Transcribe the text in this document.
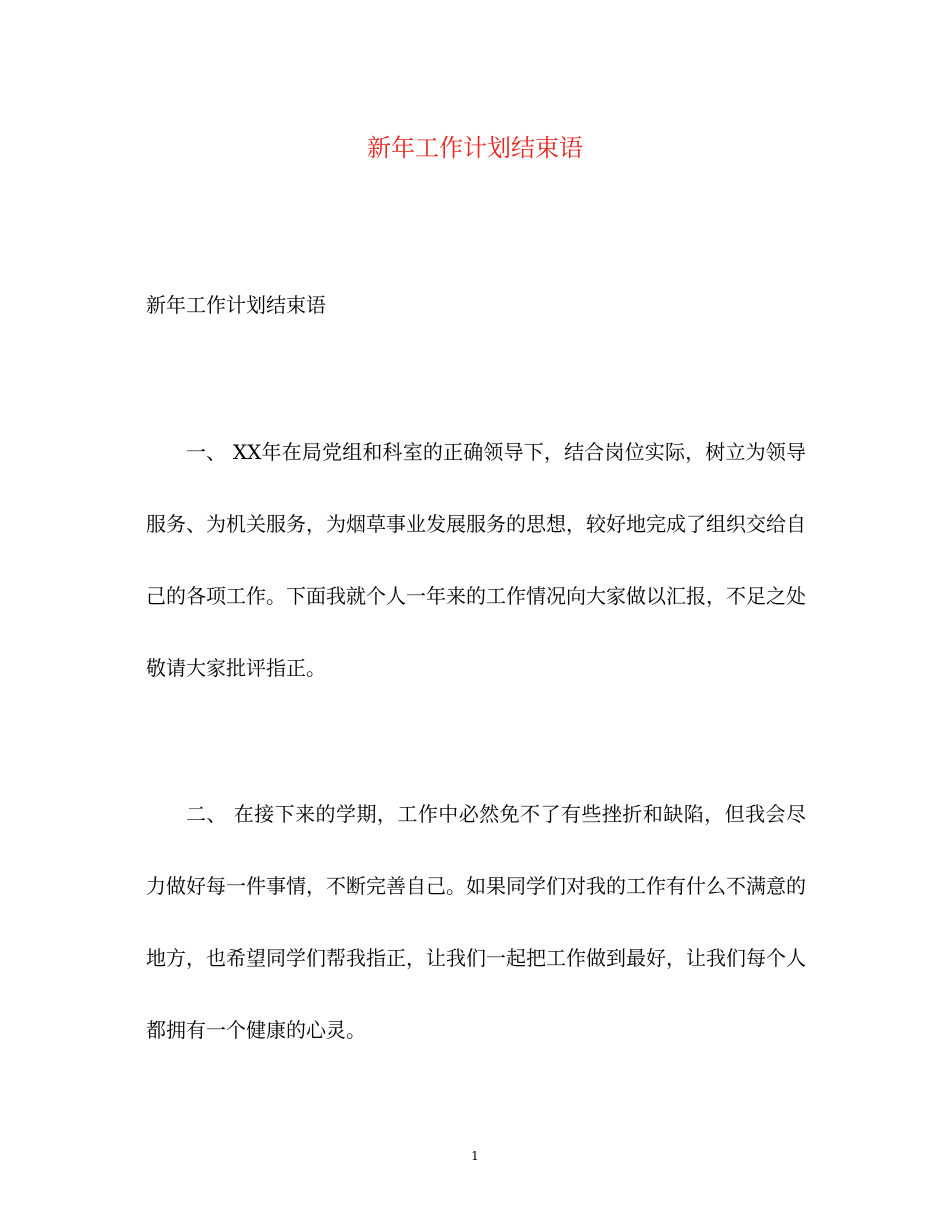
新年工作计划结束语
新年工作计划结束语

一、 XX年在局党组和科室的正确领导下，结合岗位实际，树立为领导服务、为机关服务，为烟草事业发展服务的思想，较好地完成了组织交给自己的各项工作。下面我就个人一年来的工作情况向大家做以汇报，不足之处敬请大家批评指正。

二、 在接下来的学期，工作中必然免不了有些挫折和缺陷，但我会尽力做好每一件事情，不断完善自己。如果同学们对我的工作有什么不满意的地方，也希望同学们帮我指正，让我们一起把工作做到最好，让我们每个人都拥有一个健康的心灵。

1
